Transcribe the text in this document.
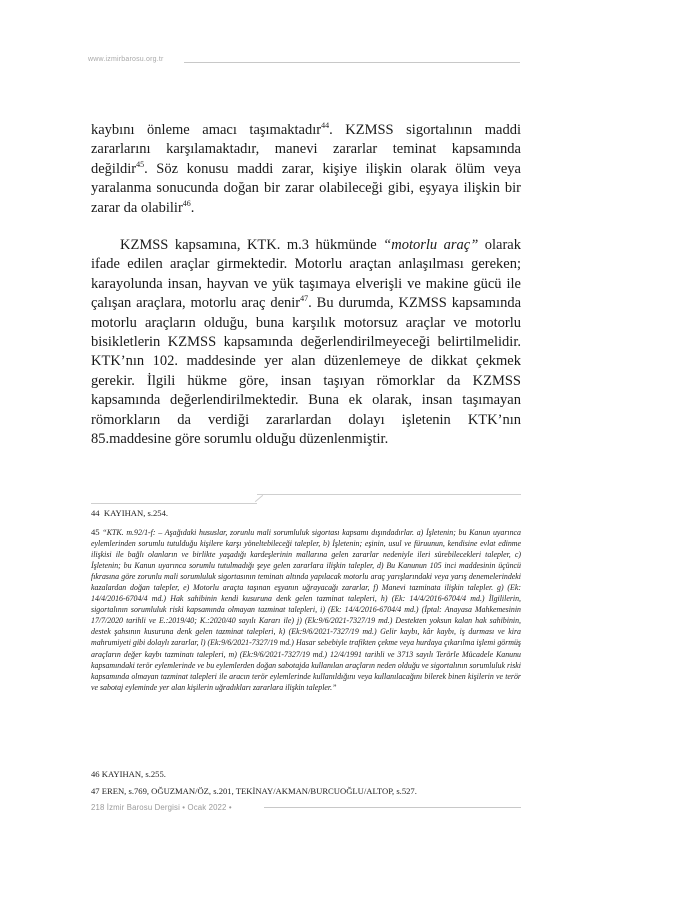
www.izmirbarosu.org.tr

kaybını önleme amacı taşımaktadır$^{44}$. KZMSS sigortalının maddi zararlarını karşılamaktadır, manevi zararlar teminat kapsamında değildir$^{45}$. Söz konusu maddi zarar, kişiye ilişkin olarak ölüm veya yaralanma sonucunda doğan bir zarar olabileceği gibi, eşyaya ilişkin bir zarar da olabilir$^{46}$.

KZMSS kapsamına, KTK. m.3 hükmünde “motorlu araç” olarak ifade edilen araçlar girmektedir. Motorlu araçtan anlaşılması gereken; karayolunda insan, hayvan ve yük taşımaya elverişli ve makine gücü ile çalışan araçlara, motorlu araç denir$^{47}$. Bu durumda, KZMSS kapsamında motorlu araçların olduğu, buna karşılık motorsuz araçlar ve motorlu bisikletlerin KZMSS kapsamında değerlendirilmeyeceği belirtilmelidir. KTK’nın 102. maddesinde yer alan düzenlemeye de dikkat çekmek gerekir. İlgili hükme göre, insan taşıyan römorklar da KZMSS kapsamında değerlendirilmektedir. Buna ek olarak, insan taşımayan römorkların da verdiği zararlardan dolayı işletenin KTK’nın 85.maddesine göre sorumlu olduğu düzenlenmiştir.

44 KAYIHAN, s.254.
45 “KTK. m.92/1-f: – Aşağıdaki hususlar, zorunlu mali sorumluluk sigortası kapsamı dışındadırlar. a) İşletenin; bu Kanun uyarınca eylemlerinden sorumlu tutulduğu kişilere karşı yöneltebileceği talepler, b) İşletenin; eşinin, usul ve füruunun, kendisine evlat edinme ilişkisi ile bağlı olanların ve birlikte yaşadığı kardeşlerinin mallarına gelen zararlar nedeniyle ileri sürebilecekleri talepler, c) İşletenin; bu Kanun uyarınca sorumlu tutulmadığı şeye gelen zararlara ilişkin talepler, d) Bu Kanunun 105 inci maddesinin üçüncü fıkrasına göre zorunlu mali sorumluluk sigortasının teminatı altında yapılacak motorlu araç yarışlarındaki veya yarış denemelerindeki kazalardan doğan talepler, e) Motorlu araçta taşınan eşyanın uğrayacağı zararlar, f) Manevi tazminata ilişkin talepler. g) (Ek: 14/4/2016-6704/4 md.) Hak sahibinin kendi kusuruna denk gelen tazminat talepleri, h) (Ek: 14/4/2016-6704/4 md.) İlgililerin, sigortalının sorumluluk riski kapsamında olmayan tazminat talepleri, i) (Ek: 14/4/2016-6704/4 md.) (İptal: Anayasa Mahkemesinin 17/7/2020 tarihli ve E.:2019/40; K.:2020/40 sayılı Kararı ile) j) (Ek:9/6/2021-7327/19 md.) Destekten yoksun kalan hak sahibinin, destek şahsının kusuruna denk gelen tazminat talepleri, k) (Ek:9/6/2021-7327/19 md.) Gelir kaybı, kâr kaybı, iş durması ve kira mahrumiyeti gibi dolaylı zararlar, l) (Ek:9/6/2021-7327/19 md.) Hasar sebebiyle trafikten çekme veya hurdaya çıkarılma işlemi görmüş araçların değer kaybı tazminatı talepleri, m) (Ek:9/6/2021-7327/19 md.) 12/4/1991 tarihli ve 3713 sayılı Terörle Mücadele Kanunu kapsamındaki terör eylemlerinde ve bu eylemlerden doğan sabotajda kullanılan araçların neden olduğu ve sigortalının sorumluluk riski kapsamında olmayan tazminat talepleri ile aracın terör eylemlerinde kullanıldığını veya kullanılacağını bilerek binen kişilerin ve terör ve sabotaj eyleminde yer alan kişilerin uğradıkları zararlara ilişkin talepler.”
46 KAYIHAN, s.255.
47 EREN, s.769, OĞUZMAN/ÖZ, s.201, TEKİNAY/AKMAN/BURCUOĞLU/ALTOP, s.527.
218 İzmir Barosu Dergisi • Ocak 2022 •
